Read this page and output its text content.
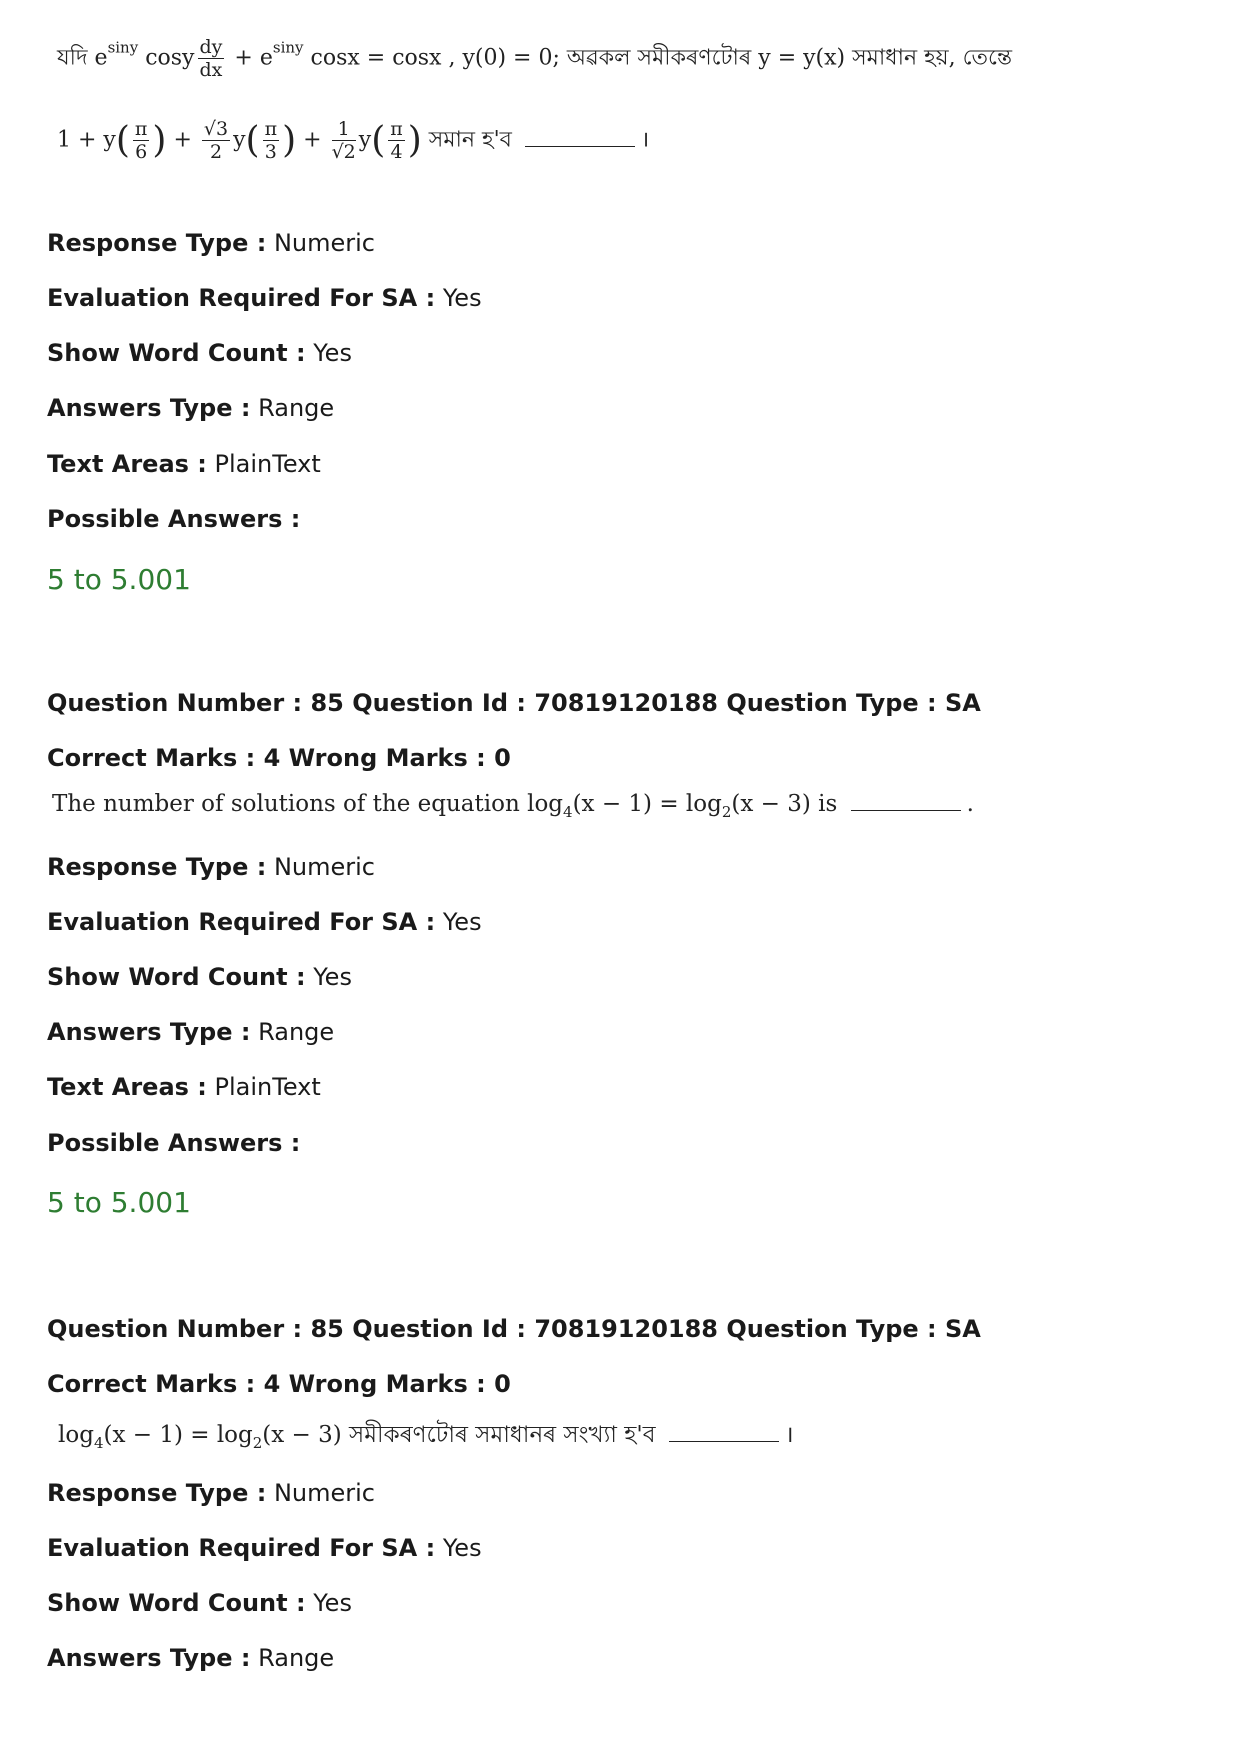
যদি $e^{siny}$ cosy $\frac{dy}{dx} + e^{siny}$ cosx = cosx , y(0) = 0; অৱকল সমীকৰণটোৰ y = y(x) সমাধান হয়, তেন্তে
$1 + y( \frac{\pi}{6}$ ) + $\frac{√3}{2} y( \frac{\pi}{3}$ ) + $\frac{1}{√2} y( \frac{\pi}{4}$ ) সমান হ'ব	।
Response Type : Numeric
Evaluation Required For SA : Yes
Show Word Count : Yes
Answers Type : Range
Text Areas : PlainText
Possible Answers :
5 to 5.001
Question Number : 85 Question Id : 70819120188 Question Type : SA
Correct Marks : 4 Wrong Marks : 0
The number of solutions of the equation $\log_4(x - 1) = \log_2(x - 3)$ is	.
Response Type : Numeric
Evaluation Required For SA : Yes
Show Word Count : Yes
Answers Type : Range
Text Areas : PlainText
Possible Answers :
5 to 5.001
Question Number : 85 Question Id : 70819120188 Question Type : SA
Correct Marks : 4 Wrong Marks : 0
$\log_4(x - 1) = \log_2(x - 3)$ সমীকৰণটোৰ সমাধানৰ সংখ্যা হ'ব	।
Response Type : Numeric
Evaluation Required For SA : Yes
Show Word Count : Yes
Answers Type : Range
